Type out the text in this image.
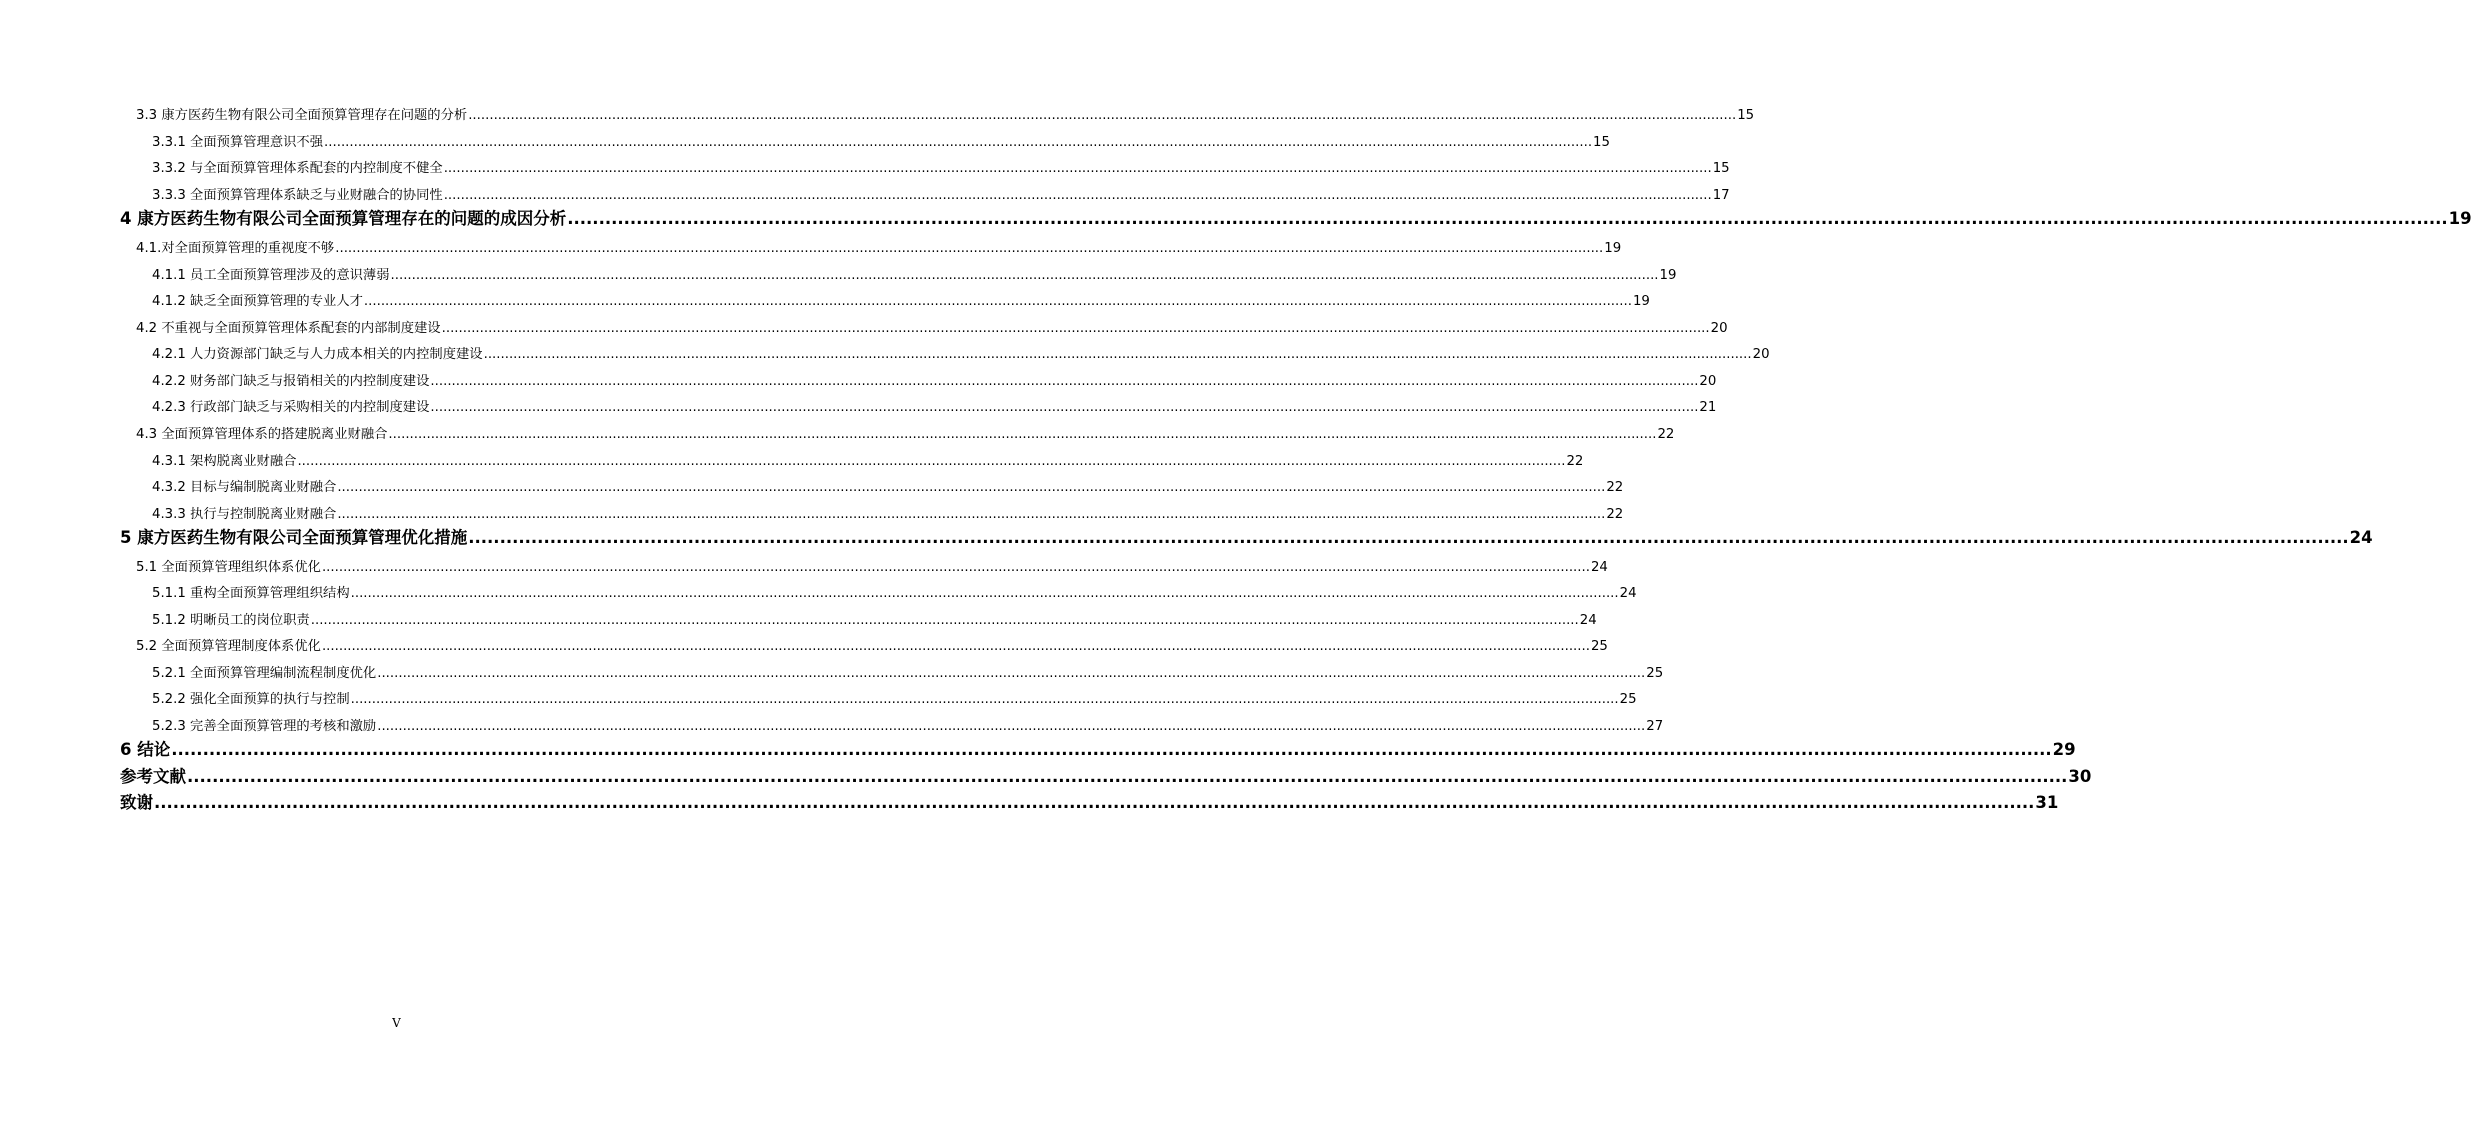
3.3 康方医药生物有限公司全面预算管理存在问题的分析 ............................................................................................................................................................................................................................................................................................................ 15
3.3.1 全面预算管理意识不强 ............................................................................................................................................................................................................................................................................................................ 15
3.3.2 与全面预算管理体系配套的内控制度不健全 ............................................................................................................................................................................................................................................................................................................ 15
3.3.3 全面预算管理体系缺乏与业财融合的协同性 ............................................................................................................................................................................................................................................................................................................ 17
4 康方医药生物有限公司全面预算管理存在的问题的成因分析 ............................................................................................................................................................................................................................................................................................................ 19
4.1.对全面预算管理的重视度不够 ............................................................................................................................................................................................................................................................................................................ 19
4.1.1 员工全面预算管理涉及的意识薄弱 ............................................................................................................................................................................................................................................................................................................ 19
4.1.2 缺乏全面预算管理的专业人才 ............................................................................................................................................................................................................................................................................................................ 19
4.2 不重视与全面预算管理体系配套的内部制度建设 ............................................................................................................................................................................................................................................................................................................ 20
4.2.1 人力资源部门缺乏与人力成本相关的内控制度建设 ............................................................................................................................................................................................................................................................................................................ 20
4.2.2 财务部门缺乏与报销相关的内控制度建设 ............................................................................................................................................................................................................................................................................................................ 20
4.2.3 行政部门缺乏与采购相关的内控制度建设 ............................................................................................................................................................................................................................................................................................................ 21
4.3 全面预算管理体系的搭建脱离业财融合 ............................................................................................................................................................................................................................................................................................................ 22
4.3.1 架构脱离业财融合 ............................................................................................................................................................................................................................................................................................................ 22
4.3.2 目标与编制脱离业财融合 ............................................................................................................................................................................................................................................................................................................ 22
4.3.3 执行与控制脱离业财融合 ............................................................................................................................................................................................................................................................................................................ 22
5 康方医药生物有限公司全面预算管理优化措施 ............................................................................................................................................................................................................................................................................................................ 24
5.1 全面预算管理组织体系优化 ............................................................................................................................................................................................................................................................................................................ 24
5.1.1 重构全面预算管理组织结构 ............................................................................................................................................................................................................................................................................................................ 24
5.1.2 明晰员工的岗位职责 ............................................................................................................................................................................................................................................................................................................ 24
5.2 全面预算管理制度体系优化 ............................................................................................................................................................................................................................................................................................................ 25
5.2.1 全面预算管理编制流程制度优化 ............................................................................................................................................................................................................................................................................................................ 25
5.2.2 强化全面预算的执行与控制 ............................................................................................................................................................................................................................................................................................................ 25
5.2.3 完善全面预算管理的考核和激励 ............................................................................................................................................................................................................................................................................................................ 27
6 结论 ............................................................................................................................................................................................................................................................................................................ 29
参考文献 ............................................................................................................................................................................................................................................................................................................ 30
致谢 ............................................................................................................................................................................................................................................................................................................ 31
V
